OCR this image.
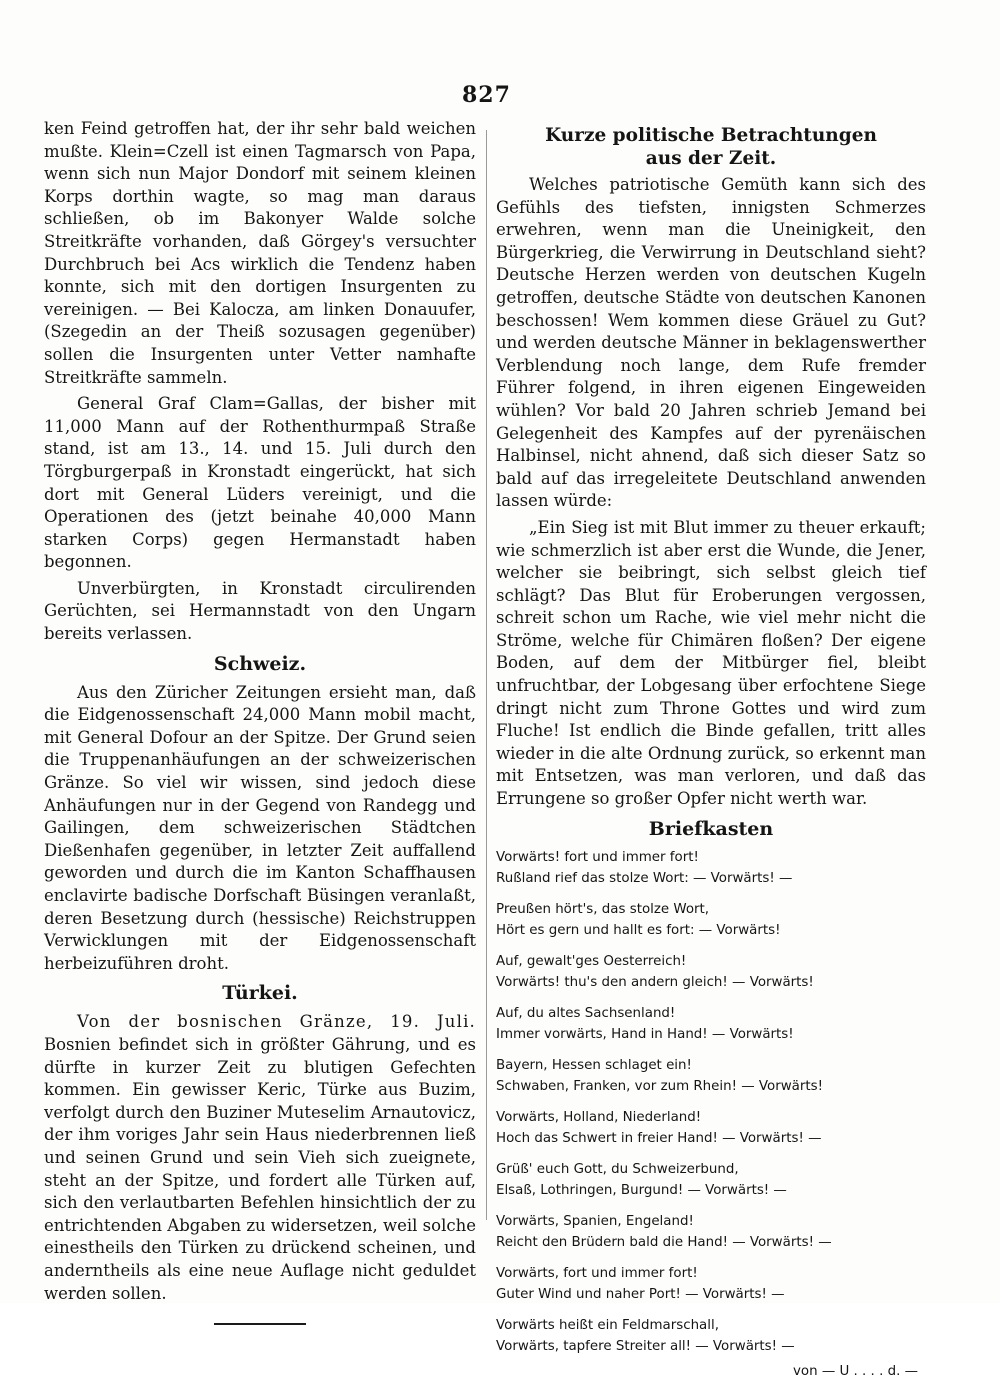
827

ken Feind getroffen hat, der ihr sehr bald weichen mußte. Klein=Czell ist einen Tagmarsch von Papa, wenn sich nun Major Dondorf mit seinem kleinen Korps dorthin wagte, so mag man daraus schließen, ob im Bakonyer Walde solche Streitkräfte vorhanden, daß Görgey's versuchter Durchbruch bei Acs wirklich die Tendenz haben konnte, sich mit den dortigen Insurgenten zu vereinigen. — Bei Kalocza, am linken Donauufer, (Szegedin an der Theiß sozusagen gegenüber) sollen die Insurgenten unter Vetter namhafte Streitkräfte sammeln.

General Graf Clam=Gallas, der bisher mit 11,000 Mann auf der Rothenthurmpaß Straße stand, ist am 13., 14. und 15. Juli durch den Törgburgerpaß in Kronstadt eingerückt, hat sich dort mit General Lüders vereinigt, und die Operationen des (jetzt beinahe 40,000 Mann starken Corps) gegen Hermanstadt haben begonnen.

Unverbürgten, in Kronstadt circulirenden Gerüchten, sei Hermannstadt von den Ungarn bereits verlassen.

Schweiz.

Aus den Züricher Zeitungen ersieht man, daß die Eidgenossenschaft 24,000 Mann mobil macht, mit General Dofour an der Spitze. Der Grund seien die Truppenanhäufungen an der schweizerischen Gränze. So viel wir wissen, sind jedoch diese Anhäufungen nur in der Gegend von Randegg und Gailingen, dem schweizerischen Städtchen Dießenhafen gegenüber, in letzter Zeit auffallend geworden und durch die im Kanton Schaffhausen enclavirte badische Dorfschaft Büsingen veranlaßt, deren Besetzung durch (hessische) Reichstruppen Verwicklungen mit der Eidgenossenschaft herbeizuführen droht.

Türkei.

Von der bosnischen Gränze, 19. Juli. Bosnien befindet sich in größter Gährung, und es dürfte in kurzer Zeit zu blutigen Gefechten kommen. Ein gewisser Keric, Türke aus Buzim, verfolgt durch den Buziner Muteselim Arnautovicz, der ihm voriges Jahr sein Haus niederbrennen ließ und seinen Grund und sein Vieh sich zueignete, steht an der Spitze, und fordert alle Türken auf, sich den verlautbarten Befehlen hinsichtlich der zu entrichtenden Abgaben zu widersetzen, weil solche einestheils den Türken zu drückend scheinen, und anderntheils als eine neue Auflage nicht geduldet werden sollen.

Kurze politische Betrachtungen
aus der Zeit.

Welches patriotische Gemüth kann sich des Gefühls des tiefsten, innigsten Schmerzes erwehren, wenn man die Uneinigkeit, den Bürgerkrieg, die Verwirrung in Deutschland sieht? Deutsche Herzen werden von deutschen Kugeln getroffen, deutsche Städte von deutschen Kanonen beschossen! Wem kommen diese Gräuel zu Gut? und werden deutsche Männer in beklagenswerther Verblendung noch lange, dem Rufe fremder Führer folgend, in ihren eigenen Eingeweiden wühlen? Vor bald 20 Jahren schrieb Jemand bei Gelegenheit des Kampfes auf der pyrenäischen Halbinsel, nicht ahnend, daß sich dieser Satz so bald auf das irregeleitete Deutschland anwenden lassen würde:

„Ein Sieg ist mit Blut immer zu theuer erkauft; wie schmerzlich ist aber erst die Wunde, die Jener, welcher sie beibringt, sich selbst gleich tief schlägt? Das Blut für Eroberungen vergossen, schreit schon um Rache, wie viel mehr nicht die Ströme, welche für Chimären floßen? Der eigene Boden, auf dem der Mitbürger fiel, bleibt unfruchtbar, der Lobgesang über erfochtene Siege dringt nicht zum Throne Gottes und wird zum Fluche! Ist endlich die Binde gefallen, tritt alles wieder in die alte Ordnung zurück, so erkennt man mit Entsetzen, was man verloren, und daß das Errungene so großer Opfer nicht werth war.

Briefkasten
Vorwärts! fort und immer fort!
Rußland rief das stolze Wort: — Vorwärts! —
Preußen hört's, das stolze Wort,
Hört es gern und hallt es fort: — Vorwärts!
Auf, gewalt'ges Oesterreich!
Vorwärts! thu's den andern gleich! — Vorwärts!
Auf, du altes Sachsenland!
Immer vorwärts, Hand in Hand! — Vorwärts!
Bayern, Hessen schlaget ein!
Schwaben, Franken, vor zum Rhein! — Vorwärts!
Vorwärts, Holland, Niederland!
Hoch das Schwert in freier Hand! — Vorwärts! —
Grüß' euch Gott, du Schweizerbund,
Elsaß, Lothringen, Burgund! — Vorwärts! —
Vorwärts, Spanien, Engeland!
Reicht den Brüdern bald die Hand! — Vorwärts! —
Vorwärts, fort und immer fort!
Guter Wind und naher Port! — Vorwärts! —
Vorwärts heißt ein Feldmarschall,
Vorwärts, tapfere Streiter all! — Vorwärts! —
von — U . . . . d. —
